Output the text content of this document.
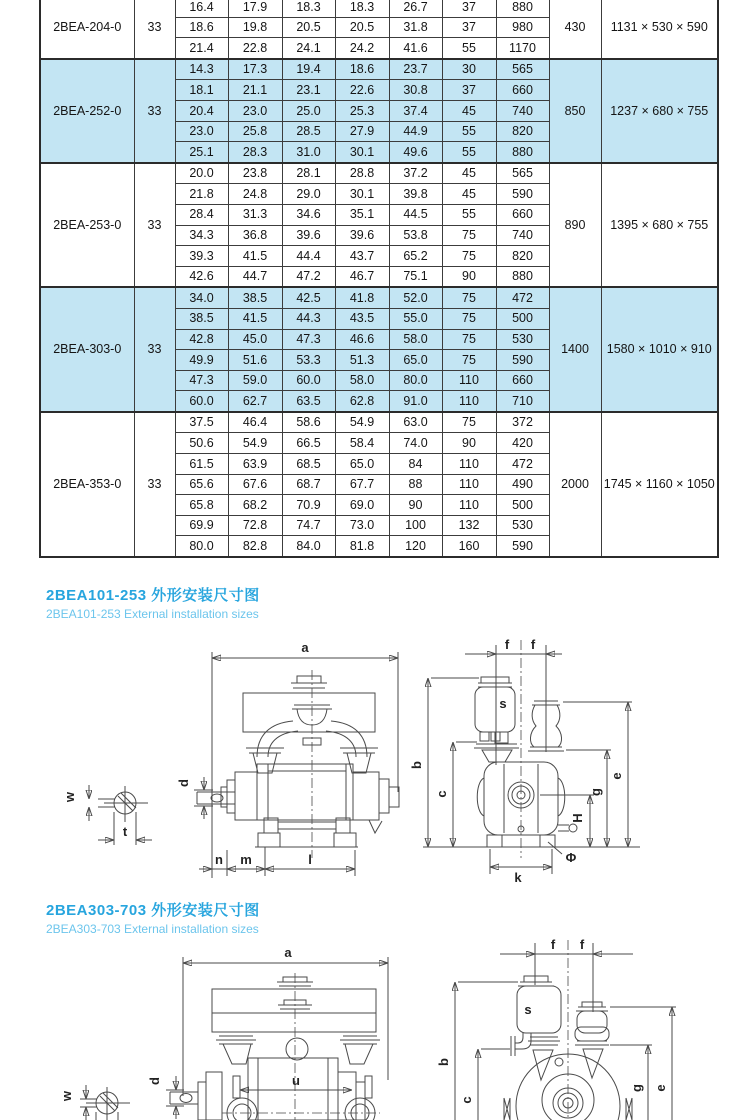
2BEA-204-0	33	16.4	17.9	18.3	18.3	26.7	37	880	430	1131 × 530 × 590
		18.6	19.8	20.5	20.5	31.8	37	980		
		21.4	22.8	24.1	24.2	41.6	55	1170		
2BEA-252-0	33	14.3	17.3	19.4	18.6	23.7	30	565	850	1237 × 680 × 755
		18.1	21.1	23.1	22.6	30.8	37	660		
		20.4	23.0	25.0	25.3	37.4	45	740		
		23.0	25.8	28.5	27.9	44.9	55	820		
		25.1	28.3	31.0	30.1	49.6	55	880		
2BEA-253-0	33	20.0	23.8	28.1	28.8	37.2	45	565	890	1395 × 680 × 755
		21.8	24.8	29.0	30.1	39.8	45	590		
		28.4	31.3	34.6	35.1	44.5	55	660		
		34.3	36.8	39.6	39.6	53.8	75	740		
		39.3	41.5	44.4	43.7	65.2	75	820		
		42.6	44.7	47.2	46.7	75.1	90	880		
2BEA-303-0	33	34.0	38.5	42.5	41.8	52.0	75	472	1400	1580 × 1010 × 910
		38.5	41.5	44.3	43.5	55.0	75	500		
		42.8	45.0	47.3	46.6	58.0	75	530		
		49.9	51.6	53.3	51.3	65.0	75	590		
		47.3	59.0	60.0	58.0	80.0	110	660		
		60.0	62.7	63.5	62.8	91.0	110	710		
2BEA-353-0	33	37.5	46.4	58.6	54.9	63.0	75	372	2000	1745 × 1160 × 1050
		50.6	54.9	66.5	58.4	74.0	90	420		
		61.5	63.9	68.5	65.0	84	110	472		
		65.6	67.6	68.7	67.7	88	110	490		
		65.8	68.2	70.9	69.0	90	110	500		
		69.9	72.8	74.7	73.0	100	132	530		
		80.0	82.8	84.0	81.8	120	160	590		
2BEA101-253 外形安装尺寸图
2BEA101-253 External installation sizes
w
t
a
d
n m	l
f f
s
b
c
e
g
H
Φ
k
2BEA303-703 外形安装尺寸图
2BEA303-703 External installation sizes
w
a
d	u
f f
s
b
c
g e
